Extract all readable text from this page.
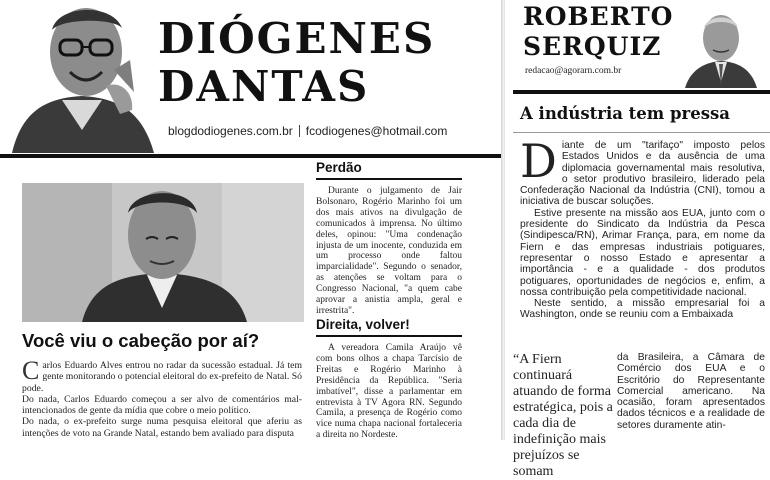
DIÓGENES
DANTAS
blogdodiogenes.com.br fcodiogenes@hotmail.com
Você viu o cabeção por aí?

Carlos Eduardo Alves entrou no radar da sucessão estadual. Já tem gente monitorando o potencial eleitoral do ex-prefeito de Natal. Só pode.

Do nada, Carlos Eduardo começou a ser alvo de comentários mal-intencionados de gente da mídia que cobre o meio político.

Do nada, o ex-prefeito surge numa pesquisa eleitoral que aferiu as intenções de voto na Grande Natal, estando bem avaliado para disputa

Perdão

Durante o julgamento de Jair Bolsonaro, Rogério Marinho foi um dos mais ativos na divulgação de comunicados à imprensa. No último deles, opinou: "Uma condenação injusta de um inocente, conduzida em um processo onde faltou imparcialidade". Segundo o senador, as atenções se voltam para o Congresso Nacional, "a quem cabe aprovar a anistia ampla, geral e irrestrita".

Direita, volver!

A vereadora Camila Araújo vê com bons olhos a chapa Tarcísio de Freitas e Rogério Marinho à Presidência da República. "Seria imbatível", disse a parlamentar em entrevista à TV Agora RN. Segundo Camila, a presença de Rogério como vice numa chapa nacional fortaleceria a direita no Nordeste.

ROBERTO
SERQUIZ
redacao@agorarn.com.br
A indústria tem pressa

Diante de um "tarifaço" imposto pelos Estados Unidos e da ausência de uma diplomacia governamental mais resolutiva, o setor produtivo brasileiro, liderado pela Confederação Nacional da Indústria (CNI), tomou a iniciativa de buscar soluções.

Estive presente na missão aos EUA, junto com o presidente do Sindicato da Indústria da Pesca (Sindipesca/RN), Arimar França, para, em nome da Fiern e das empresas industriais potiguares, representar o nosso Estado e apresentar a importância - e a qualidade - dos produtos potiguares, oportunidades de negócios e, enfim, a nossa contribuição pela competitividade nacional.

Neste sentido, a missão empresarial foi a Washington, onde se reuniu com a Embaixada

“A Fiern continuará atuando de forma estratégica, pois a cada dia de indefinição mais prejuízos se somam
da Brasileira, a Câmara de Comércio dos EUA e o Escritório do Representante Comercial americano. Na ocasião, foram apresentados dados técnicos e a realidade de setores duramente atin-
